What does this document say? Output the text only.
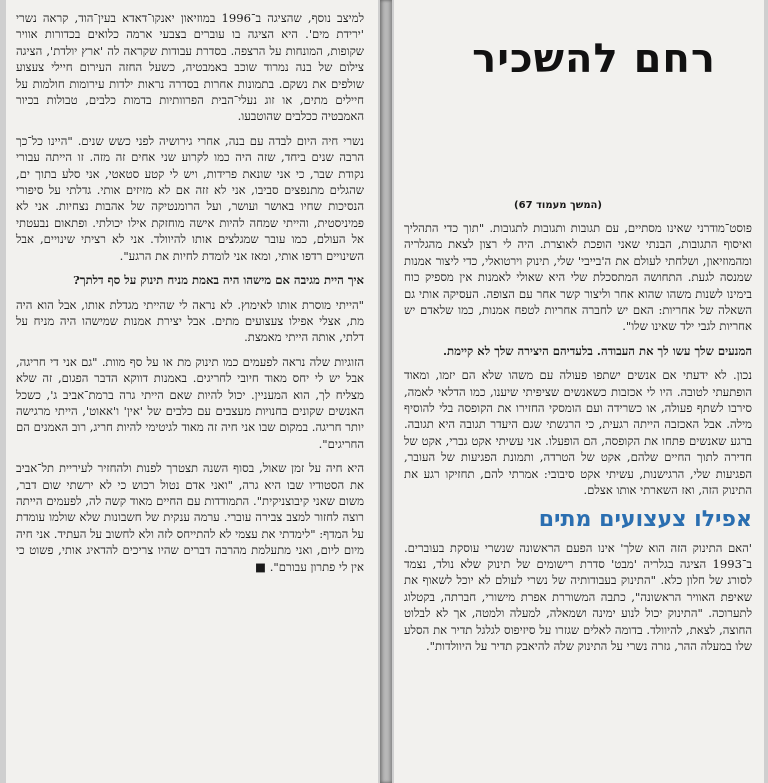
למיצב נוסף, שהציגה ב־1996 במוזיאון יאנקו־דאדא בעין־הוד, קראה נשרי 'ירידת מים'. היא הציגה בו עוברים בצבעי ארמה כלואים בכדורות אוויר שקופות, המונחות על הרצפה. בסדרת עבודות שקראה לה 'ארץ יולדת', הציגה צילום של בנה נמרוד שוכב באמבטיה, כשעל החזה העירום חיילי צעצוע שולפים את נשקם. בתמונות אחרות בסדרה נראות ילדות עירומות חולמות על חיילים מתים, או זוג נעלי־הבית הפרוותיות בדמות כלבים, טבולות בכיור האמבטיה ככלבים שהוטבעו.

נשרי חיה היום לבדה עם בנה, אחרי גירושיה לפני כשש שנים. "היינו כל־כך הרבה שנים ביחד, שזה היה כמו לקרוע שני אחים זה מזה. זו הייתה עבורי נקודת שבר, כי אני שונאת פרידות, ויש לי קטע סטאטי, אני סלע בתוך ים, שהגלים מתנפצים סביבו, אני לא זזה אם לא מזיזים אותי. גדלתי על סיפורי הנסיכות שחיו באושר ועושר, ועל הרומנטיקה של אהבות נצחיות. אני לא פמיניסטית, והייתי שמחה להיות אישה מוחזקת אילו יכולתי. ופתאום נבעטתי אל העולם, כמו עובר שמגלצים אותו להיוולד. אני לא רציתי שינויים, אבל השינויים רדפו אותי, ומאז אני לומדת לחיות את הרגע".

איך היית מגיבה אם מישהו היה באמת מניח תינוק על סף דלתך?

"הייתי מוסרת אותו לאימוץ. לא נראה לי שהייתי מגדלת אותו, אבל הוא היה מת, אצלי אפילו צעצועים מתים. אבל יצירת אמנות שמישהו היה מניח על דלתי, אותה הייתי מאמצת.

הזוגיות שלה נראה לפעמים כמו תינוק מת או על סף מוות. "גם אני די חריגה, אבל יש לי יחס מאוד חיובי לחריגים. באמנות דווקא הדבר הפגום, זה שלא מצליח לך, הוא המעניין. יכול להיות שאם הייתי גרה ברמת־אביב ג', כשכל האנשים שקונים בחנויות מעצבים עם כלבים של 'אין' ו'אאוט', הייתי מרגישה יותר חריגה. במקום שבו אני חיה זה מאוד לגיטימי להיות חריג, רוב האמנים הם החריגים".

היא חיה על זמן שאול, בסוף השנה תצטרך לפנות ולהחזיר לעיריית תל־אביב את הסטודיו שבו היא גרה, "ואני אדם נטול רכוש כי לא ירשתי שום דבר, משום שאני קיבוצניקית". התמודדות עם החיים מאוד קשה לה, לפעמים הייתה רוצה לחזור למצב צבירה עוברי. ערמה ענקית של חשבונות שלא שולמו עומדת על המדף: "לימדתי את עצמי לא להתייחס לזה ולא לחשוב על העתיד. אני חיה מיום ליום, ואני מתעלמת מהרבה דברים שהיו צריכים להדאיג אותי, פשוט כי אין לי פתרון עבורם". ■

רחם להשכיר
(המשך מעמוד 67)

פוסט־מודרני שאינו מסתיים, עם תגובות ותגובות לתגובות. "תוך כדי התהליך ואיסוף התגובות, הבנתי שאני הופכת לאוצרת. היה לי רצון לצאת מהגלריה ומהמוזיאון, ושלחתי לעולם את ה'בייבי' שלי, תינוק וירטואלי, כדי ליצור אמנות שמנסה לגעת. התחושה המתסכלת שלי היא שאולי לאמנות אין מספיק כוח בימינו לשנות משהו שהוא אחר וליצור קשר אחר עם הצופה. העסיקה אותי גם השאלה של אחריות: האם יש לחברה אחריות לטפח אמנות, כמו שלאדם יש אחריות לגבי ילד שאינו שלו".

המנעים שלך עשו לך את העבודה. בלעדיהם היצירה שלך לא קיימת.

נכון. לא ידעתי אם אנשים ישתפו פעולה עם משהו שלא הם יזמו, ומאוד הופתעתי לטובה. היו לי אכזבות כשאנשים שציפיתי שיענו, כמו הדלאי לאמה, סירבו לשתף פעולה, או כשרידה ועם הומסקי החזירו את הקופסה בלי להוסיף מילה. אבל האכזבה הייתה רגעית, כי הרגשתי שגם היעדר תגובה היא תגובה. ברגע שאנשים פתחו את הקופסה, הם הופעלו. אני עשיתי אקט גברי, אקט של חדירה לתוך החיים שלהם, אקט של הטרדה, ותמונת הפגיעות של העובר, הפגיעות שלי, הרגישנות, עשיתי אקט סיבובי: אמרתי להם, תחזיקו רגע את התינוק הזה, ואז השארתי אותו אצלם.

אפילו צעצועים מתים

'האם התינוק הזה הוא שלך' אינו הפעם הראשונה שנשרי עוסקת בעוברים. ב־1993 הציגה בגלריה 'מבט' סדרת רישומים של תינוק שלא נולד, נצמד לסורג של חלון כלא. "התינוק בעבודותיה של נשרי לעולם לא יוכל לשאוף את שאיפת האוויר הראשונה", כתבה המשוררת אפרת מישורי, חברתה, בקטלוג לתערוכה. "התינוק יכול לנוע ימינה ושמאלה, למעלה ולמטה, אך לא לבלוט החוצה, לצאת, להיוולד. בדומה לאלים שגזרו על סיזיפוס לגלגל תדיר את הסלע שלו במעלה ההר, גזרה נשרי על התינוק שלה להיאבק תדיר על היוולדות".
